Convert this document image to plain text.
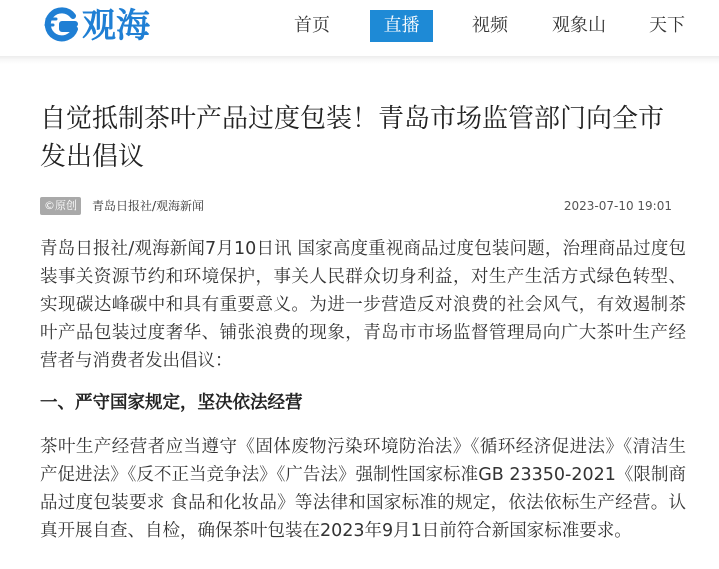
观海	首页	直播	视频 观象山 天下
自觉抵制茶叶产品过度包装！青岛市场监管部门向全市发出倡议
©原创	青岛日报社/观海新闻	2023-07-10 19:01

青岛日报社/观海新闻7月10日讯 国家高度重视商品过度包装问题，治理商品过度包装事关资源节约和环境保护，事关人民群众切身利益，对生产生活方式绿色转型、实现碳达峰碳中和具有重要意义。为进一步营造反对浪费的社会风气，有效遏制茶叶产品包装过度奢华、铺张浪费的现象，青岛市市场监督管理局向广大茶叶生产经营者与消费者发出倡议：

一、严守国家规定，坚决依法经营

茶叶生产经营者应当遵守《固体废物污染环境防治法》《循环经济促进法》《清洁生产促进法》《反不正当竞争法》《广告法》强制性国家标准GB 23350-2021《限制商品过度包装要求 食品和化妆品》等法律和国家标准的规定，依法依标生产经营。认真开展自查、自检，确保茶叶包装在2023年9月1日前符合新国家标准要求。
